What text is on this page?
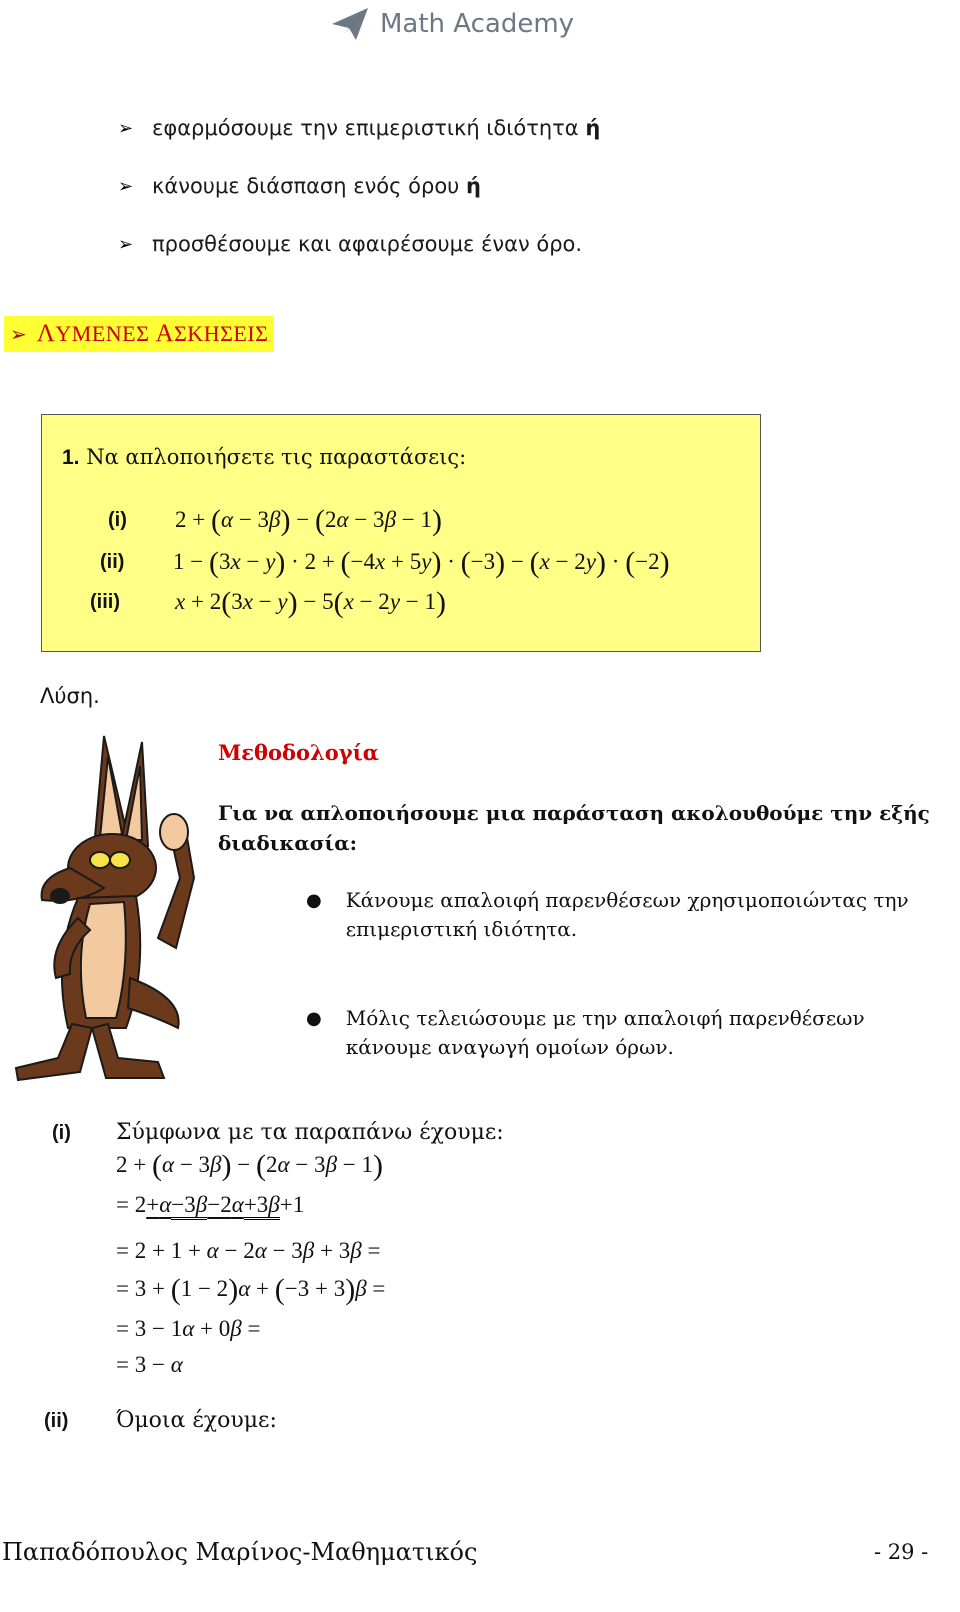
Math Academy
➢ εφαρμόσουμε την επιμεριστική ιδιότητα ή
➢ κάνουμε διάσπαση ενός όρου ή
➢ προσθέσουμε και αφαιρέσουμε έναν όρο.
➢ ΛΥΜΕΝΕΣ ΑΣΚΗΣΕΙΣ
1. Να απλοποιήσετε τις παραστάσεις:
(i) 2 + (α − 3β) − (2α − 3β − 1)
(ii) 1 − (3x − y) · 2 + (−4x + 5y) · (−3) − (x − 2y) · (−2)
(iii) x + 2(3x − y) − 5(x − 2y − 1)
Λύση.
Μεθοδολογία
Για να απλοποιήσουμε μια παράσταση ακολουθούμε την εξής διαδικασία:
● Κάνουμε απαλοιφή παρενθέσεων χρησιμοποιώντας την επιμεριστική ιδιότητα.
● Μόλις τελειώσουμε με την απαλοιφή παρενθέσεων κάνουμε αναγωγή ομοίων όρων.
(i) Σύμφωνα με τα παραπάνω έχουμε:
2 + (α − 3β) − (2α − 3β − 1)
= 2+α−3β−2α+3β+1
= 2 + 1 + α − 2α − 3β + 3β =
= 3 + (1 − 2)α + (−3 + 3)β =
= 3 − 1α + 0β =
= 3 − α
(ii) Όμοια έχουμε:
Παπαδόπουλος Μαρίνος-Μαθηματικός	- 29 -
